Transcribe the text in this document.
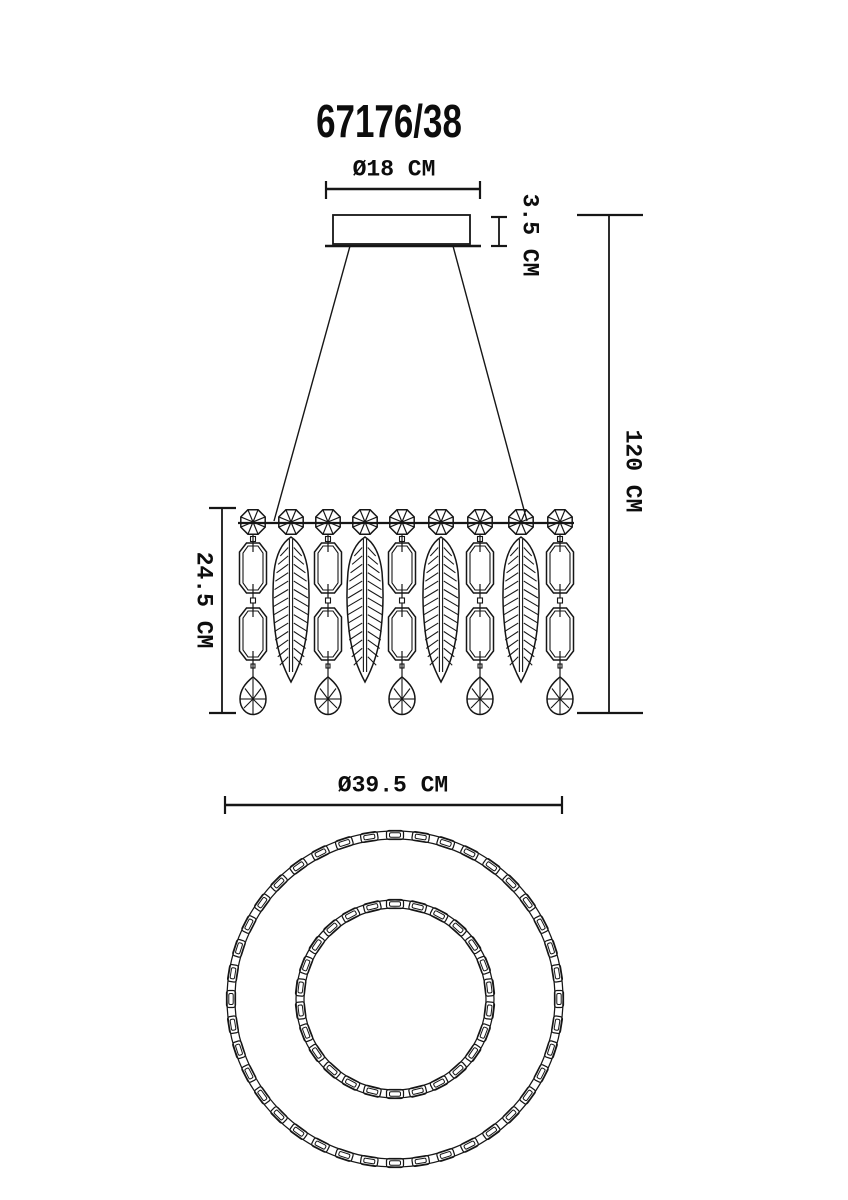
67176/38
Ø18 CM
3.5 CM
120 CM
24.5 CM
Ø39.5 CM
